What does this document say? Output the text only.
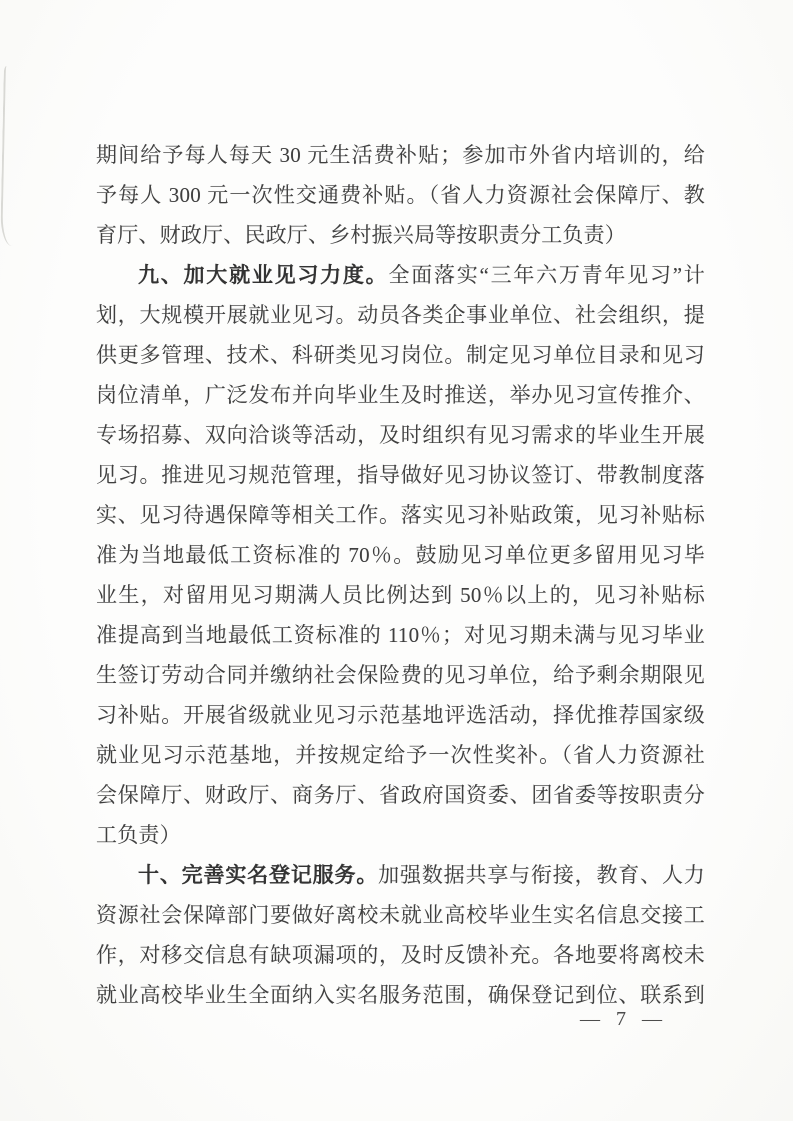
期间给予每人每天 30 元生活费补贴；参加市外省内培训的，给
予每人 300 元一次性交通费补贴。（省人力资源社会保障厅、教
育厅、财政厅、民政厅、乡村振兴局等按职责分工负责）
九、加大就业见习力度。全面落实“三年六万青年见习”计
划，大规模开展就业见习。动员各类企事业单位、社会组织，提
供更多管理、技术、科研类见习岗位。制定见习单位目录和见习
岗位清单，广泛发布并向毕业生及时推送，举办见习宣传推介、
专场招募、双向洽谈等活动，及时组织有见习需求的毕业生开展
见习。推进见习规范管理，指导做好见习协议签订、带教制度落
实、见习待遇保障等相关工作。落实见习补贴政策，见习补贴标
准为当地最低工资标准的 70％。鼓励见习单位更多留用见习毕
业生，对留用见习期满人员比例达到 50％以上的，见习补贴标
准提高到当地最低工资标准的 110％；对见习期未满与见习毕业
生签订劳动合同并缴纳社会保险费的见习单位，给予剩余期限见
习补贴。开展省级就业见习示范基地评选活动，择优推荐国家级
就业见习示范基地，并按规定给予一次性奖补。（省人力资源社
会保障厅、财政厅、商务厅、省政府国资委、团省委等按职责分
工负责）
十、完善实名登记服务。加强数据共享与衔接，教育、人力
资源社会保障部门要做好离校未就业高校毕业生实名信息交接工
作，对移交信息有缺项漏项的，及时反馈补充。各地要将离校未
就业高校毕业生全面纳入实名服务范围，确保登记到位、联系到
— 7 —
